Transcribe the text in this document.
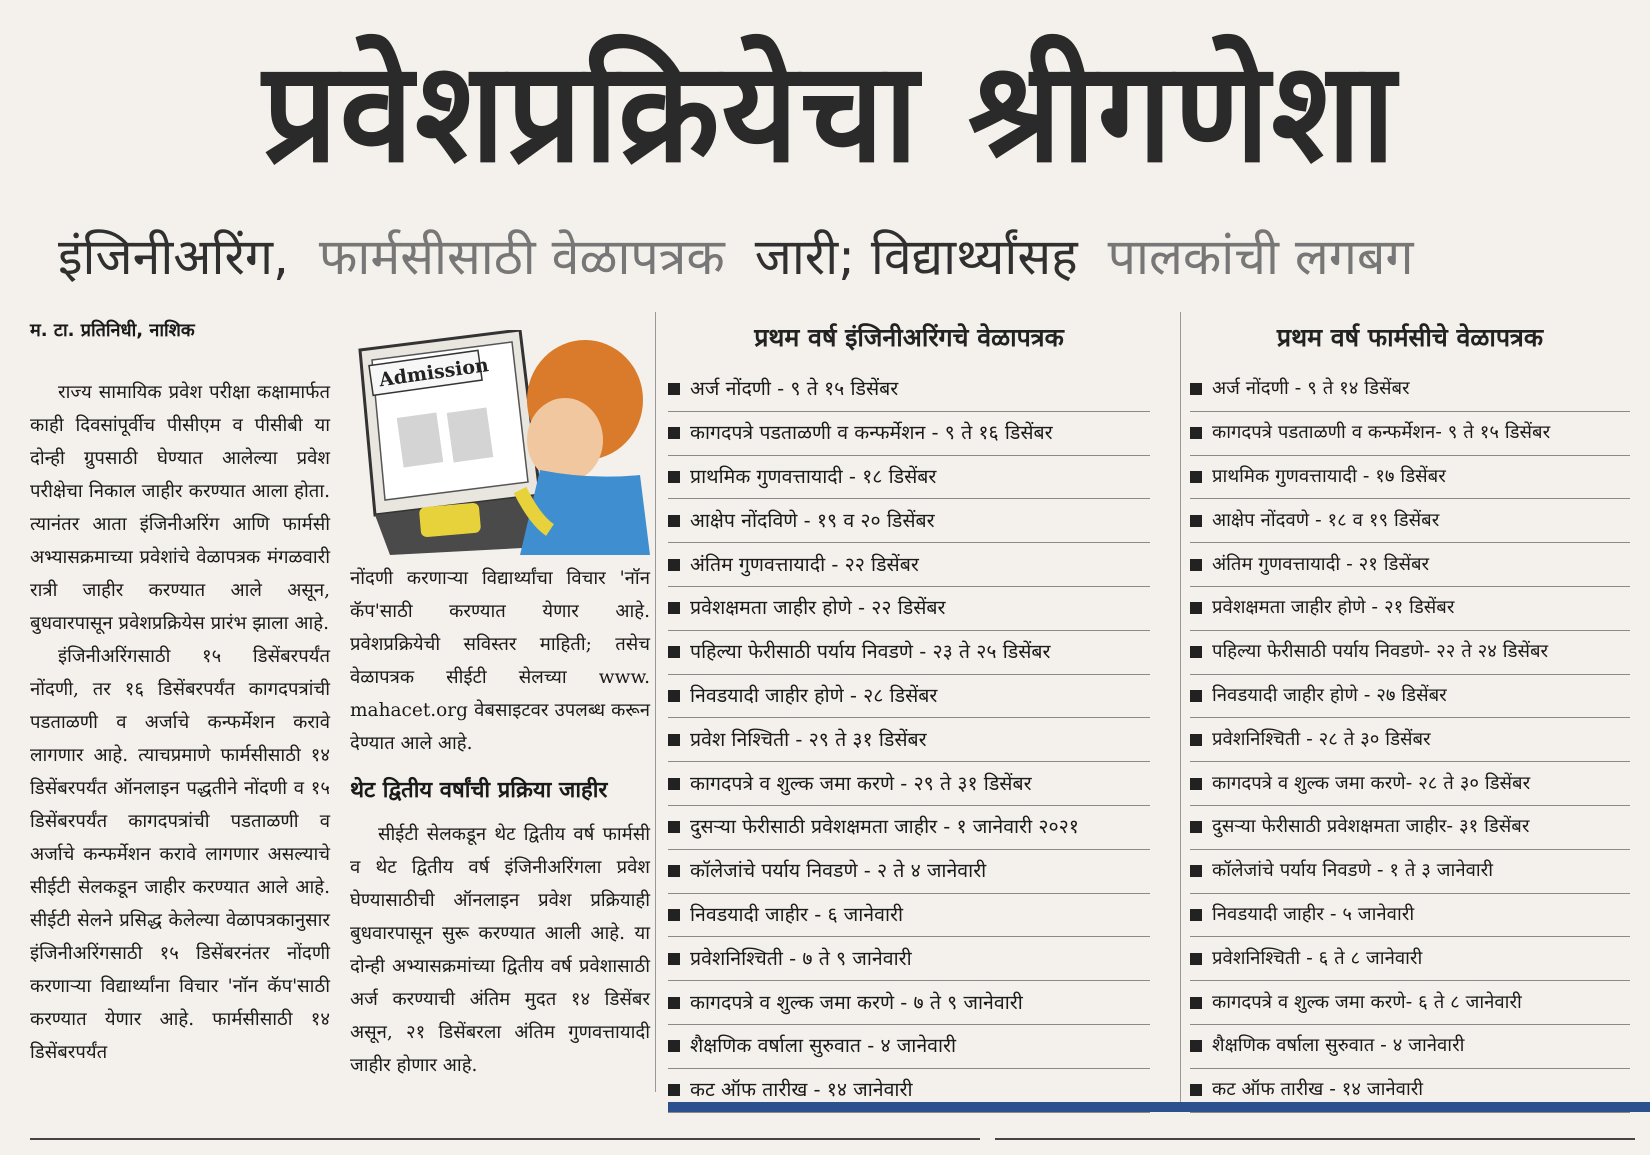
प्रवेशप्रक्रियेचा श्रीगणेशा
इंजिनीअरिंग, फार्मसीसाठी वेळापत्रक जारी; विद्यार्थ्यांसह पालकांची लगबग
म. टा. प्रतिनिधी, नाशिक

राज्य सामायिक प्रवेश परीक्षा कक्षामार्फत काही दिवसांपूर्वीच पीसीएम व पीसीबी या दोन्ही ग्रुपसाठी घेण्यात आलेल्या प्रवेश परीक्षेचा निकाल जाहीर करण्यात आला होता. त्यानंतर आता इंजिनीअरिंग आणि फार्मसी अभ्यासक्रमाच्या प्रवेशांचे वेळापत्रक मंगळवारी रात्री जाहीर करण्यात आले असून, बुधवारपासून प्रवेशप्रक्रियेस प्रारंभ झाला आहे.

इंजिनीअरिंगसाठी १५ डिसेंबरपर्यंत नोंदणी, तर १६ डिसेंबरपर्यंत कागदपत्रांची पडताळणी व अर्जाचे कन्फर्मेशन करावे लागणार आहे. त्याचप्रमाणे फार्मसीसाठी १४ डिसेंबरपर्यंत ऑनलाइन पद्धतीने नोंदणी व १५ डिसेंबरपर्यंत कागदपत्रांची पडताळणी व अर्जाचे कन्फर्मेशन करावे लागणार असल्याचे सीईटी सेलकडून जाहीर करण्यात आले आहे. सीईटी सेलने प्रसिद्ध केलेल्या वेळापत्रकानुसार इंजिनीअरिंगसाठी १५ डिसेंबरनंतर नोंदणी करणाऱ्या विद्यार्थ्यांना विचार 'नॉन कॅप'साठी करण्यात येणार आहे. फार्मसीसाठी १४ डिसेंबरपर्यंत

Admission

नोंदणी करणाऱ्या विद्यार्थ्यांचा विचार 'नॉन कॅप'साठी करण्यात येणार आहे. प्रवेशप्रक्रियेची सविस्तर माहिती; तसेच वेळापत्रक सीईटी सेलच्या www. mahacet.org वेबसाइटवर उपलब्ध करून देण्यात आले आहे.

थेट द्वितीय वर्षांची प्रक्रिया जाहीर

सीईटी सेलकडून थेट द्वितीय वर्ष फार्मसी व थेट द्वितीय वर्ष इंजिनीअरिंगला प्रवेश घेण्यासाठीची ऑनलाइन प्रवेश प्रक्रियाही बुधवारपासून सुरू करण्यात आली आहे. या दोन्ही अभ्यासक्रमांच्या द्वितीय वर्ष प्रवेशासाठी अर्ज करण्याची अंतिम मुदत १४ डिसेंबर असून, २१ डिसेंबरला अंतिम गुणवत्तायादी जाहीर होणार आहे.

प्रथम वर्ष इंजिनीअरिंगचे वेळापत्रक
अर्ज नोंदणी - ९ ते १५ डिसेंबर
कागदपत्रे पडताळणी व कन्फर्मेशन - ९ ते १६ डिसेंबर
प्राथमिक गुणवत्तायादी - १८ डिसेंबर
आक्षेप नोंदविणे - १९ व २० डिसेंबर
अंतिम गुणवत्तायादी - २२ डिसेंबर
प्रवेशक्षमता जाहीर होणे - २२ डिसेंबर
पहिल्या फेरीसाठी पर्याय निवडणे - २३ ते २५ डिसेंबर
निवडयादी जाहीर होणे - २८ डिसेंबर
प्रवेश निश्चिती - २९ ते ३१ डिसेंबर
कागदपत्रे व शुल्क जमा करणे - २९ ते ३१ डिसेंबर
दुसऱ्या फेरीसाठी प्रवेशक्षमता जाहीर - १ जानेवारी २०२१
कॉलेजांचे पर्याय निवडणे - २ ते ४ जानेवारी
निवडयादी जाहीर - ६ जानेवारी
प्रवेशनिश्चिती - ७ ते ९ जानेवारी
कागदपत्रे व शुल्क जमा करणे - ७ ते ९ जानेवारी
शैक्षणिक वर्षाला सुरुवात - ४ जानेवारी
कट ऑफ तारीख - १४ जानेवारी
प्रथम वर्ष फार्मसीचे वेळापत्रक
अर्ज नोंदणी - ९ ते १४ डिसेंबर
कागदपत्रे पडताळणी व कन्फर्मेशन- ९ ते १५ डिसेंबर
प्राथमिक गुणवत्तायादी - १७ डिसेंबर
आक्षेप नोंदवणे - १८ व १९ डिसेंबर
अंतिम गुणवत्तायादी - २१ डिसेंबर
प्रवेशक्षमता जाहीर होणे - २१ डिसेंबर
पहिल्या फेरीसाठी पर्याय निवडणे- २२ ते २४ डिसेंबर
निवडयादी जाहीर होणे - २७ डिसेंबर
प्रवेशनिश्चिती - २८ ते ३० डिसेंबर
कागदपत्रे व शुल्क जमा करणे- २८ ते ३० डिसेंबर
दुसऱ्या फेरीसाठी प्रवेशक्षमता जाहीर- ३१ डिसेंबर
कॉलेजांचे पर्याय निवडणे - १ ते ३ जानेवारी
निवडयादी जाहीर - ५ जानेवारी
प्रवेशनिश्चिती - ६ ते ८ जानेवारी
कागदपत्रे व शुल्क जमा करणे- ६ ते ८ जानेवारी
शैक्षणिक वर्षाला सुरुवात - ४ जानेवारी
कट ऑफ तारीख - १४ जानेवारी
